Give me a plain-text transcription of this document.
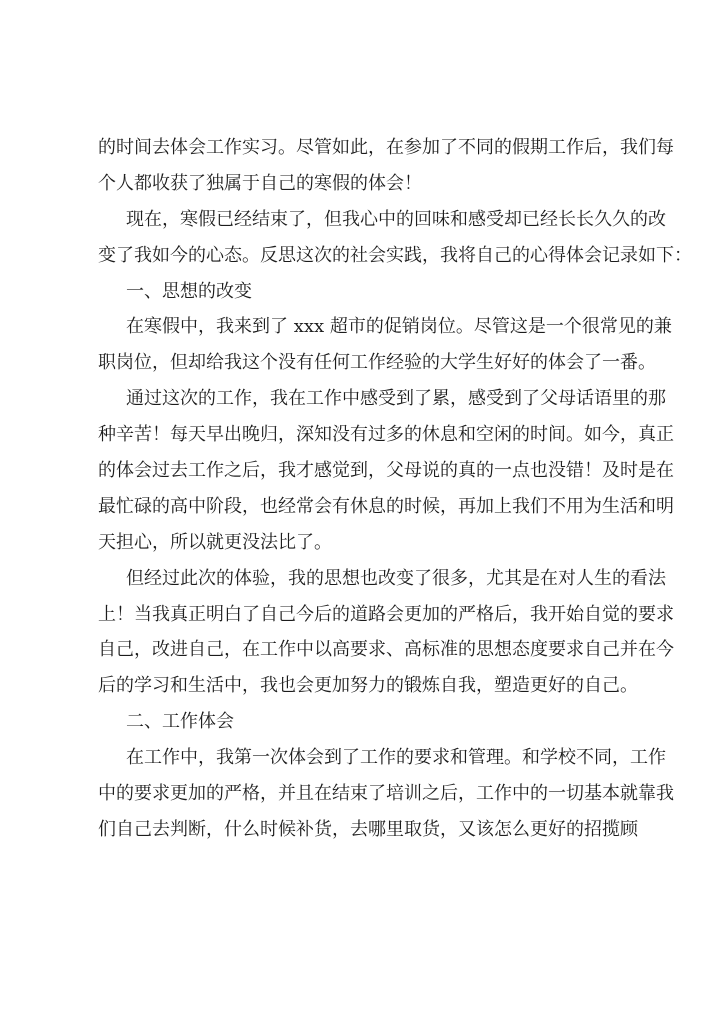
的时间去体会工作实习。尽管如此，在参加了不同的假期工作后，我们每
个人都收获了独属于自己的寒假的体会！
现在，寒假已经结束了，但我心中的回味和感受却已经长长久久的改
变了我如今的心态。反思这次的社会实践，我将自己的心得体会记录如下：
一、思想的改变
在寒假中，我来到了 xxx 超市的促销岗位。尽管这是一个很常见的兼
职岗位，但却给我这个没有任何工作经验的大学生好好的体会了一番。
通过这次的工作，我在工作中感受到了累，感受到了父母话语里的那
种辛苦！每天早出晚归，深知没有过多的休息和空闲的时间。如今，真正
的体会过去工作之后，我才感觉到，父母说的真的一点也没错！及时是在
最忙碌的高中阶段，也经常会有休息的时候，再加上我们不用为生活和明
天担心，所以就更没法比了。
但经过此次的体验，我的思想也改变了很多，尤其是在对人生的看法
上！当我真正明白了自己今后的道路会更加的严格后，我开始自觉的要求
自己，改进自己，在工作中以高要求、高标准的思想态度要求自己并在今
后的学习和生活中，我也会更加努力的锻炼自我，塑造更好的自己。
二、工作体会
在工作中，我第一次体会到了工作的要求和管理。和学校不同，工作
中的要求更加的严格，并且在结束了培训之后，工作中的一切基本就靠我
们自己去判断，什么时候补货，去哪里取货，又该怎么更好的招揽顾
